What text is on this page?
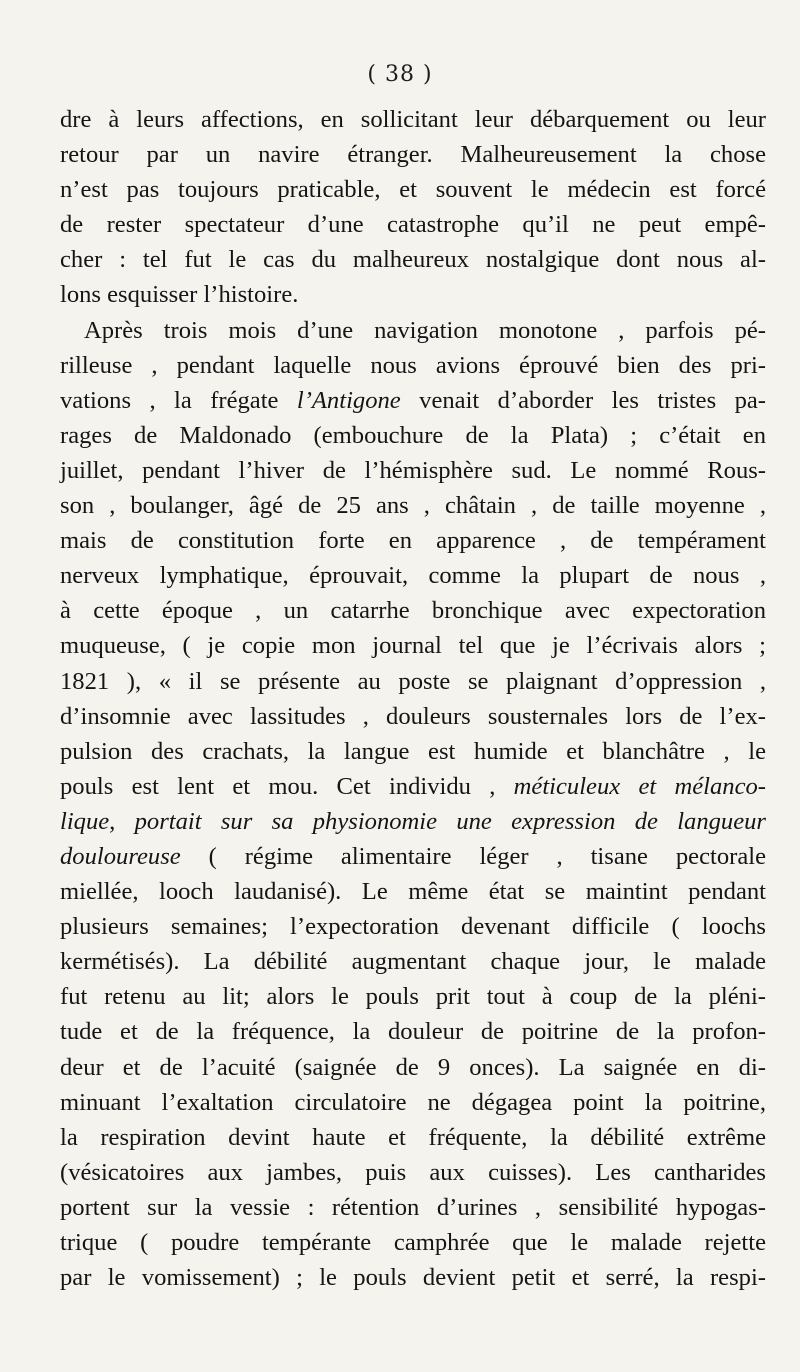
( 38 )
dre à leurs affections, en sollicitant leur débarquement ou leur
retour par un navire étranger. Malheureusement la chose
n’est pas toujours praticable, et souvent le médecin est forcé
de rester spectateur d’une catastrophe qu’il ne peut empê-
cher : tel fut le cas du malheureux nostalgique dont nous al-
lons esquisser l’histoire.
Après trois mois d’une navigation monotone , parfois pé-
rilleuse , pendant laquelle nous avions éprouvé bien des pri-
vations , la frégate l’Antigone venait d’aborder les tristes pa-
rages de Maldonado (embouchure de la Plata) ; c’était en
juillet, pendant l’hiver de l’hémisphère sud. Le nommé Rous-
son , boulanger, âgé de 25 ans , châtain , de taille moyenne ,
mais de constitution forte en apparence , de tempérament
nerveux lymphatique, éprouvait, comme la plupart de nous ,
à cette époque , un catarrhe bronchique avec expectoration
muqueuse, ( je copie mon journal tel que je l’écrivais alors ;
1821 ), « il se présente au poste se plaignant d’oppression ,
d’insomnie avec lassitudes , douleurs sousternales lors de l’ex-
pulsion des crachats, la langue est humide et blanchâtre , le
pouls est lent et mou. Cet individu , méticuleux et mélanco-
lique, portait sur sa physionomie une expression de langueur
douloureuse ( régime alimentaire léger , tisane pectorale
miellée, looch laudanisé). Le même état se maintint pendant
plusieurs semaines; l’expectoration devenant difficile ( loochs
kermétisés). La débilité augmentant chaque jour, le malade
fut retenu au lit; alors le pouls prit tout à coup de la pléni-
tude et de la fréquence, la douleur de poitrine de la profon-
deur et de l’acuité (saignée de 9 onces). La saignée en di-
minuant l’exaltation circulatoire ne dégagea point la poitrine,
la respiration devint haute et fréquente, la débilité extrême
(vésicatoires aux jambes, puis aux cuisses). Les cantharides
portent sur la vessie : rétention d’urines , sensibilité hypogas-
trique ( poudre tempérante camphrée que le malade rejette
par le vomissement) ; le pouls devient petit et serré, la respi-
